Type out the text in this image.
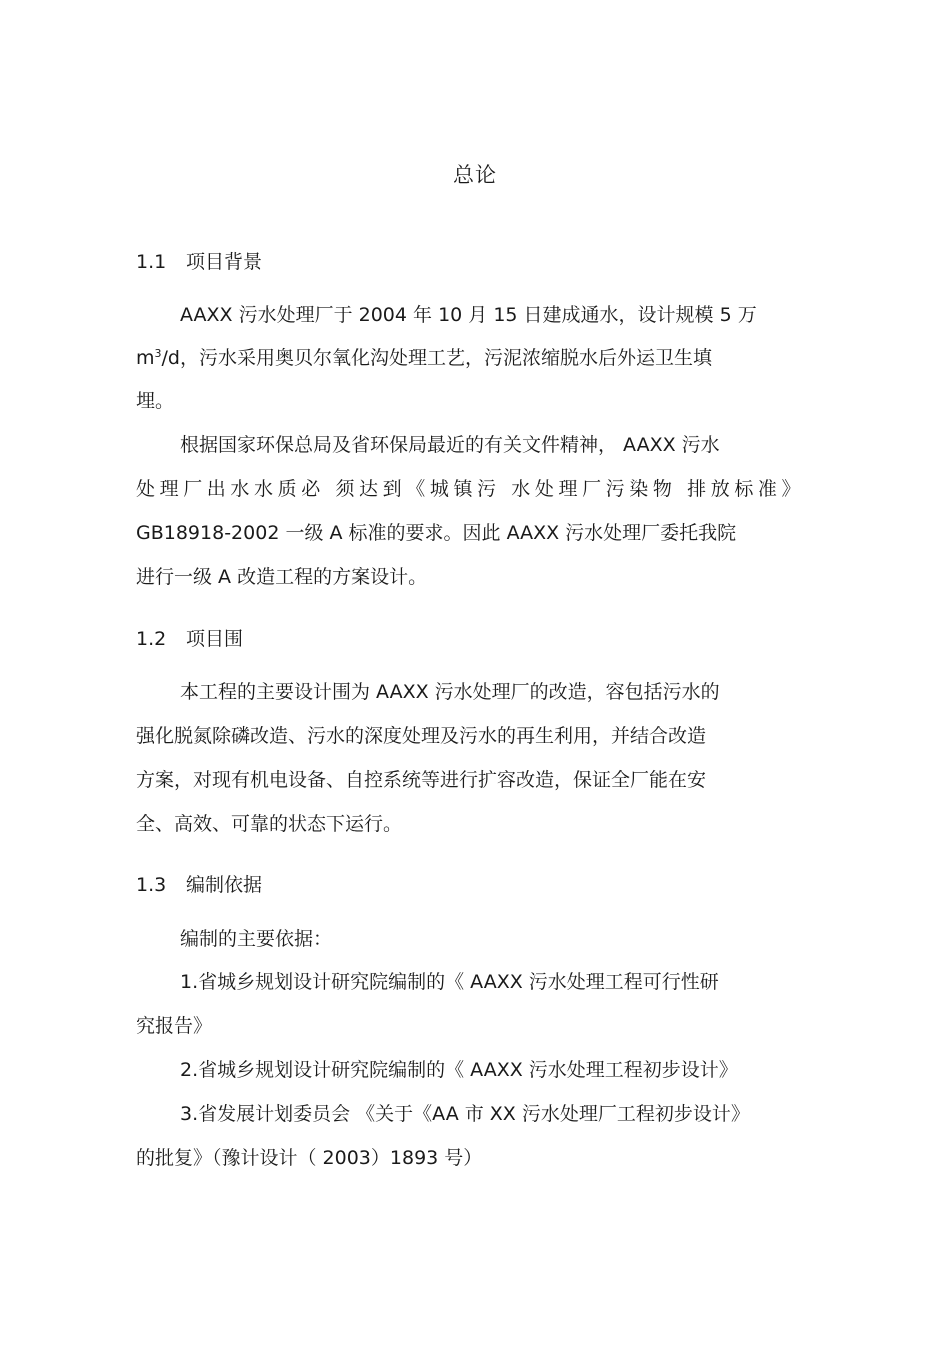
总论
1.1 项目背景
AAXX 污水处理厂于 2004 年 10 月 15 日建成通水，设计规模 5 万
$m^3/d$，污水采用奥贝尔氧化沟处理工艺，污泥浓缩脱水后外运卫生填
埋。
根据国家环保总局及省环保局最近的有关文件精神， AAXX 污水
处理厂出水水质必 须达到《城镇污 水处理厂污染物 排放标准》
GB18918-2002 一级 A 标准的要求。因此 AAXX 污水处理厂委托我院
进行一级 A 改造工程的方案设计。
1.2 项目围
本工程的主要设计围为 AAXX 污水处理厂的改造，容包括污水的
强化脱氮除磷改造、污水的深度处理及污水的再生利用，并结合改造
方案，对现有机电设备、自控系统等进行扩容改造，保证全厂能在安
全、高效、可靠的状态下运行。
1.3 编制依据
编制的主要依据：
1.省城乡规划设计研究院编制的《 AAXX 污水处理工程可行性研
究报告》
2.省城乡规划设计研究院编制的《 AAXX 污水处理工程初步设计》
3.省发展计划委员会 《关于《AA 市 XX 污水处理厂工程初步设计》
的批复》（豫计设计（ 2003）1893 号）
